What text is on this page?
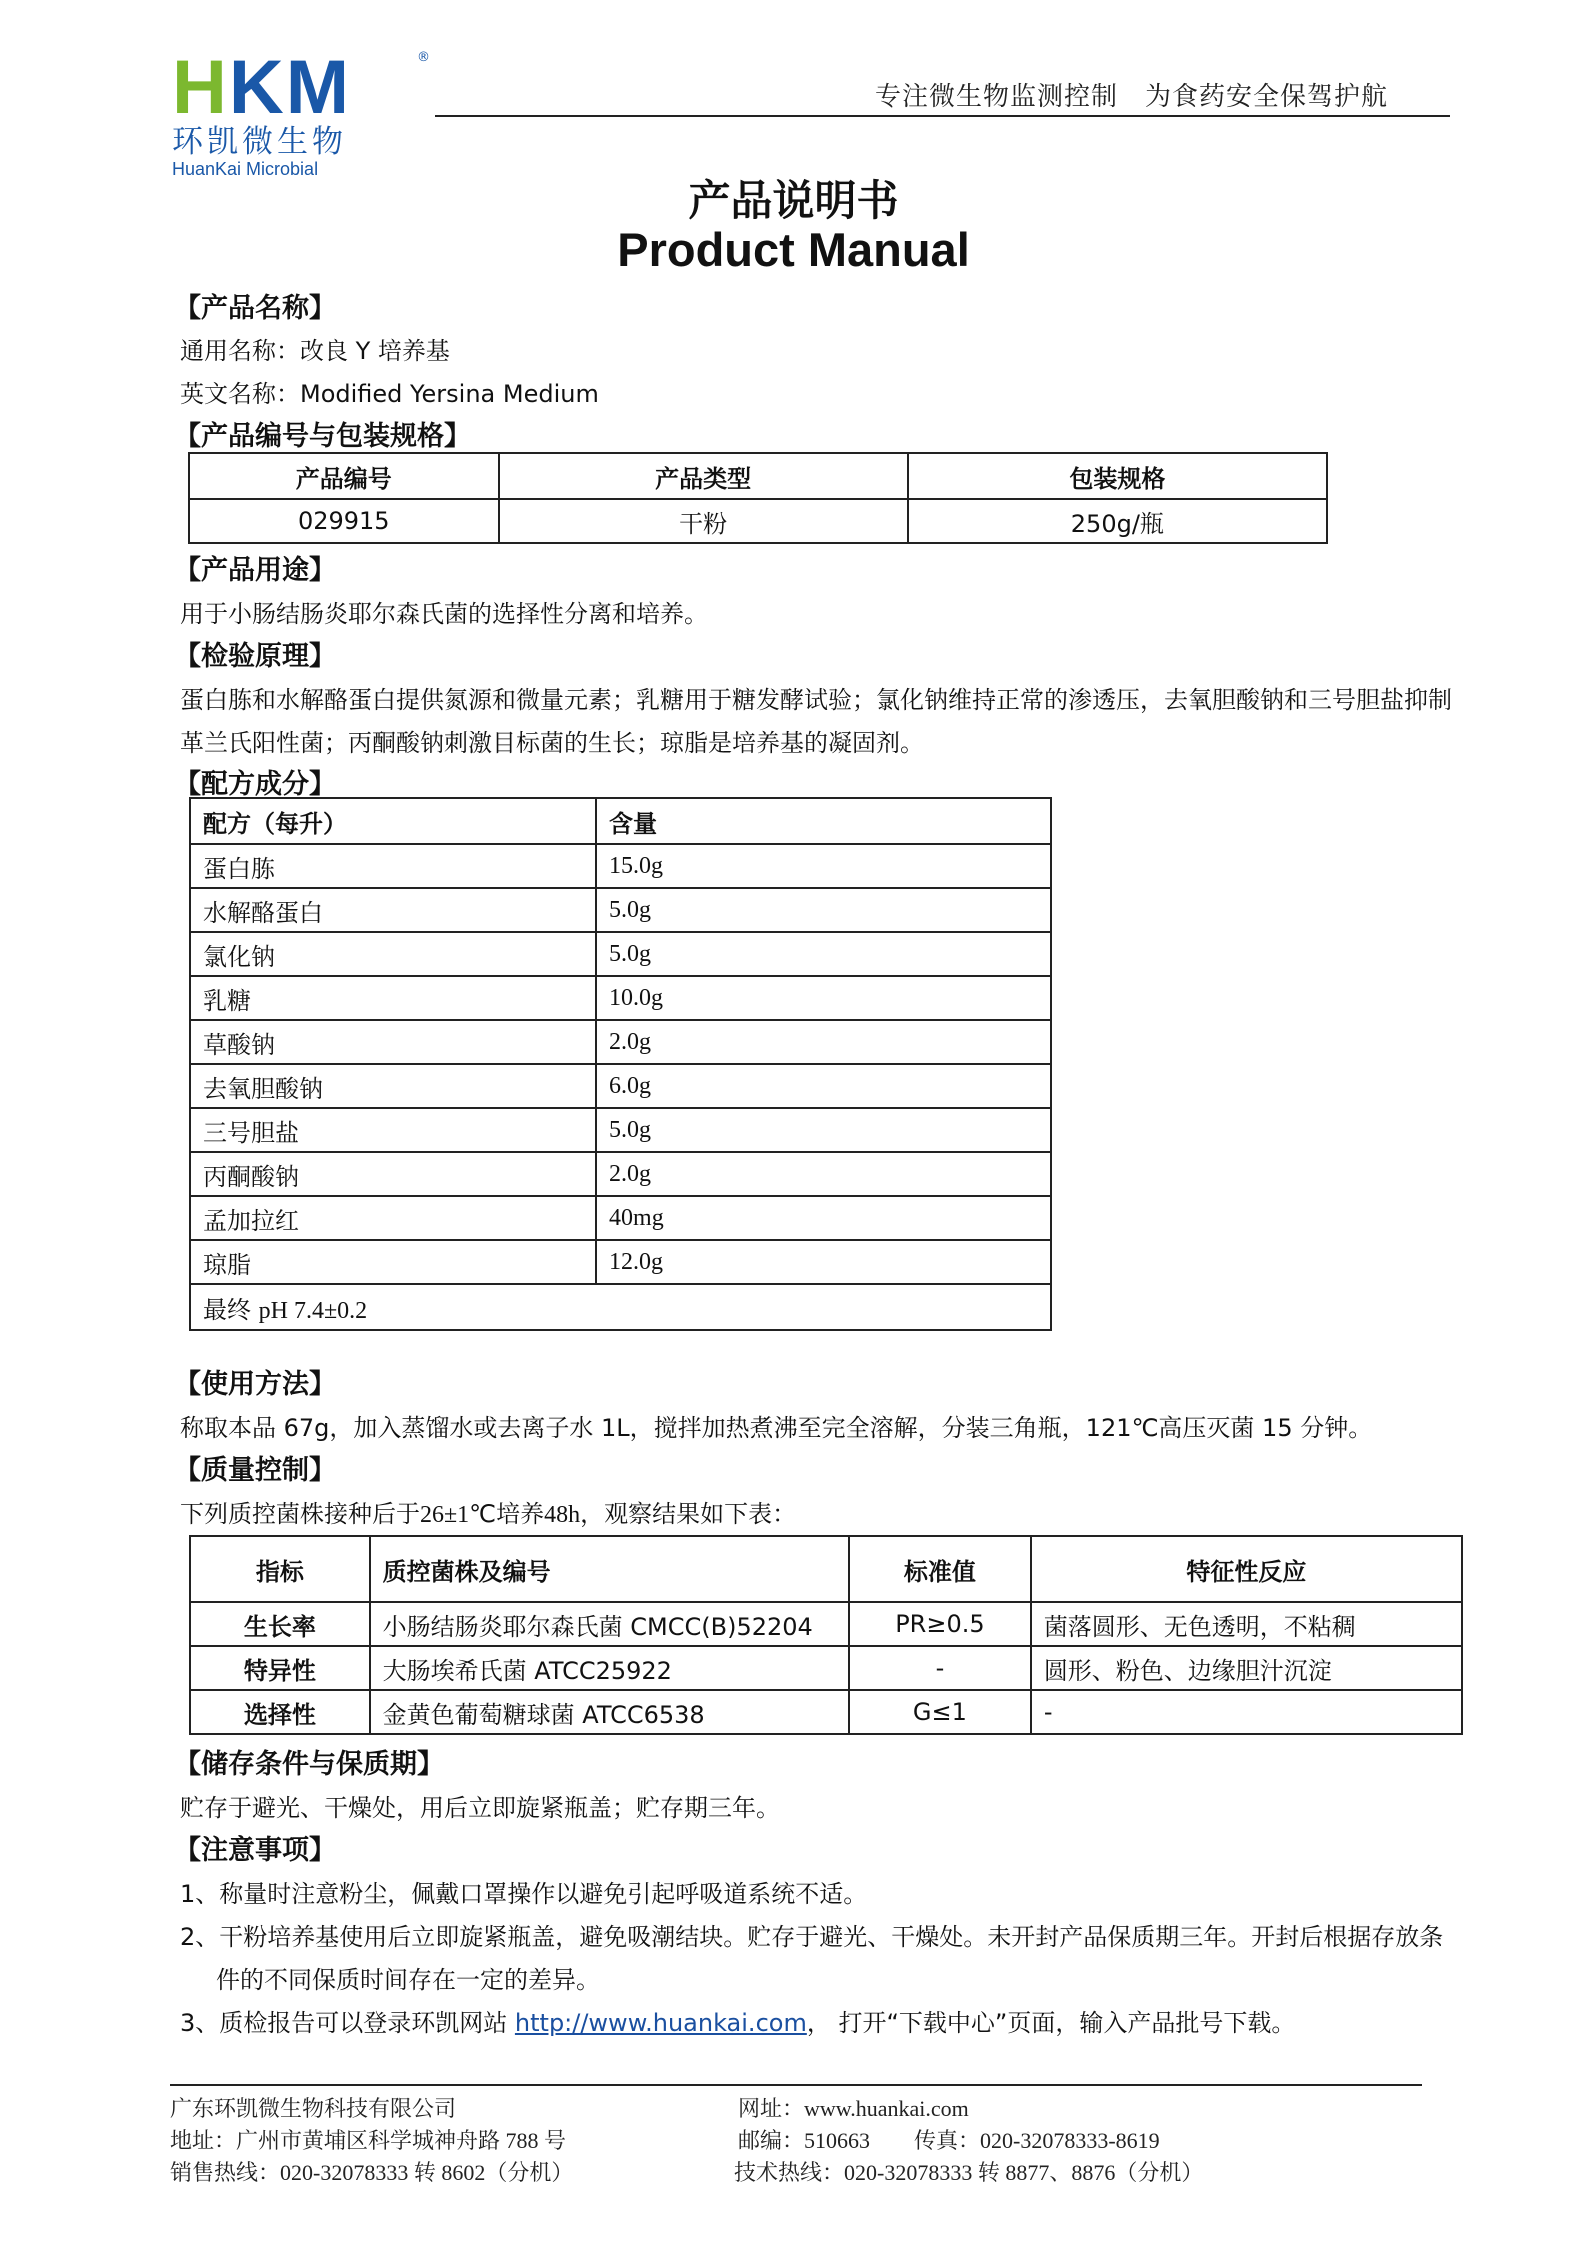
HKM	®
环凯微生物
HuanKai Microbial
专注微生物监测控制　为食药安全保驾护航
产品说明书
Product Manual
【产品名称】
通用名称：改良 Y 培养基
英文名称：Modified Yersina Medium
【产品编号与包装规格】
产品编号	产品类型	包装规格
029915	干粉	250g/瓶
【产品用途】
用于小肠结肠炎耶尔森氏菌的选择性分离和培养。
【检验原理】
蛋白胨和水解酪蛋白提供氮源和微量元素；乳糖用于糖发酵试验；氯化钠维持正常的渗透压，去氧胆酸钠和三号胆盐抑制
革兰氏阳性菌；丙酮酸钠刺激目标菌的生长；琼脂是培养基的凝固剂。
【配方成分】
配方（每升）	含量
蛋白胨	15.0g
水解酪蛋白	5.0g
氯化钠	5.0g
乳糖	10.0g
草酸钠	2.0g
去氧胆酸钠	6.0g
三号胆盐	5.0g
丙酮酸钠	2.0g
孟加拉红	40mg
琼脂	12.0g
最终 pH 7.4±0.2	
【使用方法】
称取本品 67g，加入蒸馏水或去离子水 1L，搅拌加热煮沸至完全溶解，分装三角瓶，121℃高压灭菌 15 分钟。
【质量控制】
下列质控菌株接种后于26±1℃培养48h，观察结果如下表：
指标	质控菌株及编号	标准值	特征性反应
生长率	小肠结肠炎耶尔森氏菌 CMCC(B)52204	PR≥0.5	菌落圆形、无色透明，不粘稠
特异性	大肠埃希氏菌 ATCC25922	-	圆形、粉色、边缘胆汁沉淀
选择性	金黄色葡萄糖球菌 ATCC6538	G≤1	-
【储存条件与保质期】
贮存于避光、干燥处，用后立即旋紧瓶盖；贮存期三年。
【注意事项】
1、称量时注意粉尘，佩戴口罩操作以避免引起呼吸道系统不适。
2、干粉培养基使用后立即旋紧瓶盖，避免吸潮结块。贮存于避光、干燥处。未开封产品保质期三年。开封后根据存放条
件的不同保质时间存在一定的差异。
3、质检报告可以登录环凯网站 http://www.huankai.com， 打开“下载中心”页面，输入产品批号下载。
广东环凯微生物科技有限公司
地址：广州市黄埔区科学城神舟路 788 号
销售热线：020-32078333 转 8602（分机）
网址：www.huankai.com
邮编：510663　　传真：020-32078333-8619
技术热线：020-32078333 转 8877、8876（分机）
